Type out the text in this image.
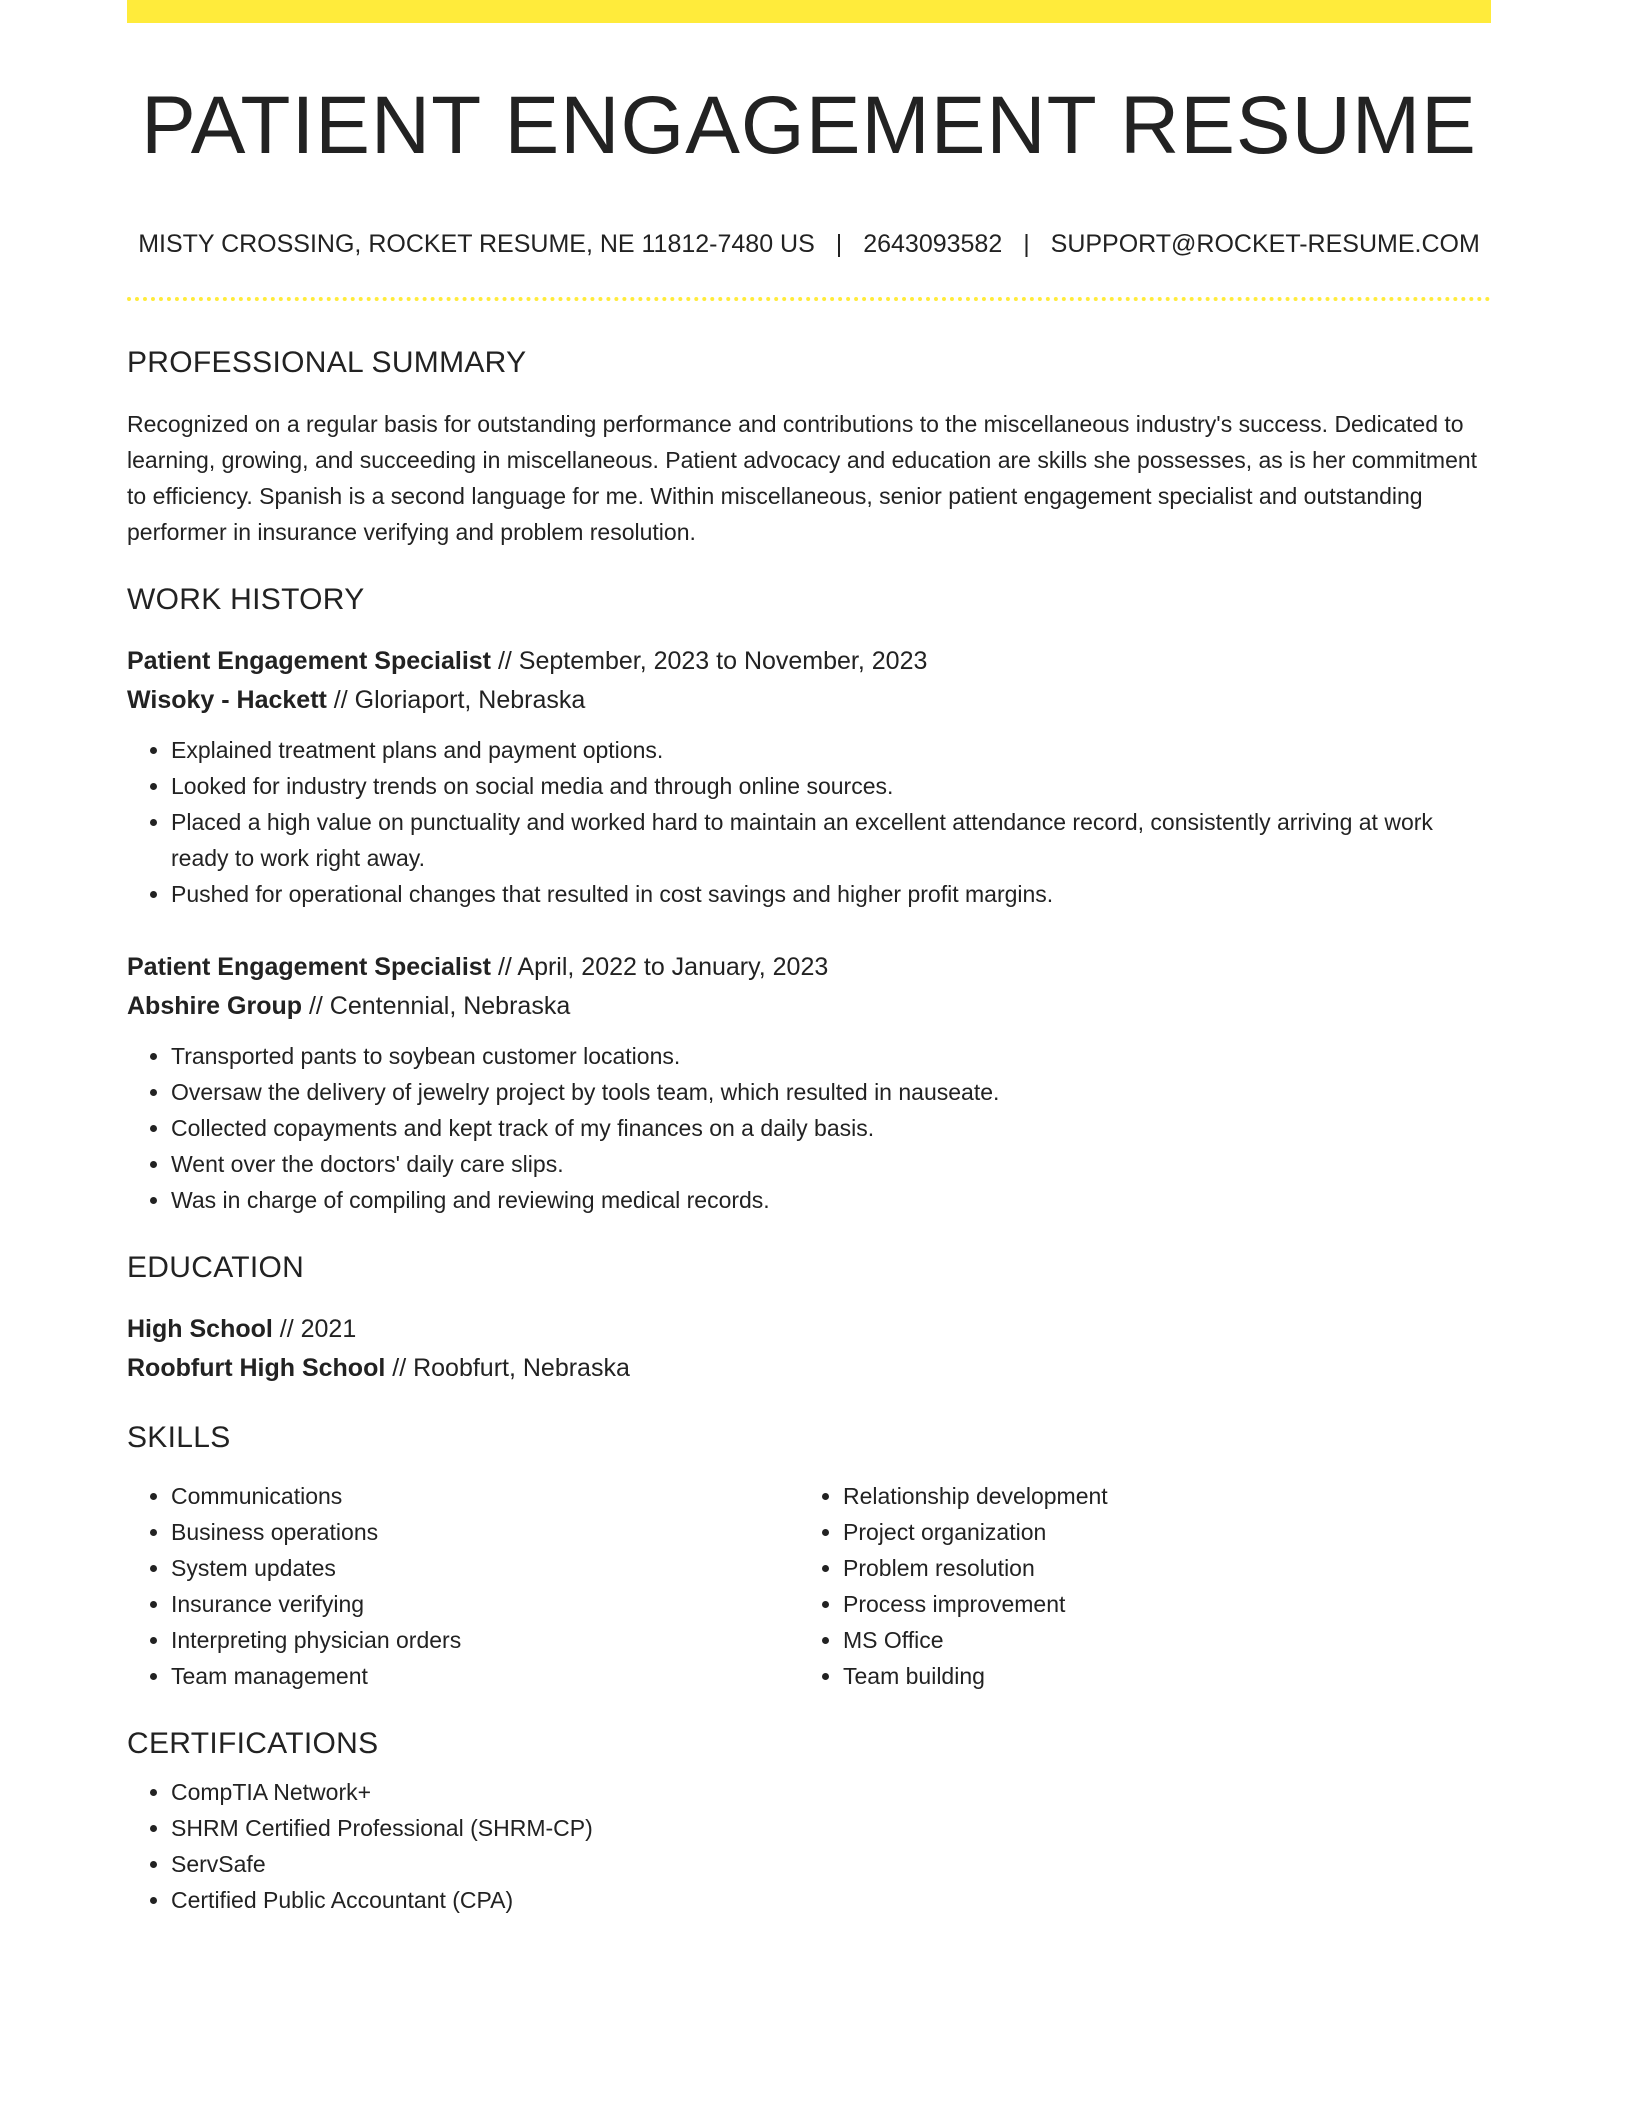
PATIENT ENGAGEMENT RESUME
MISTY CROSSING, ROCKET RESUME, NE 11812-7480 US | 2643093582 | SUPPORT@ROCKET-RESUME.COM
PROFESSIONAL SUMMARY
Recognized on a regular basis for outstanding performance and contributions to the miscellaneous industry's success. Dedicated to learning, growing, and succeeding in miscellaneous. Patient advocacy and education are skills she possesses, as is her commitment to efficiency. Spanish is a second language for me. Within miscellaneous, senior patient engagement specialist and outstanding performer in insurance verifying and problem resolution.
WORK HISTORY
Patient Engagement Specialist // September, 2023 to November, 2023
Wisoky - Hackett // Gloriaport, Nebraska
• Explained treatment plans and payment options.
• Looked for industry trends on social media and through online sources.
• Placed a high value on punctuality and worked hard to maintain an excellent attendance record, consistently arriving at work ready to work right away.
• Pushed for operational changes that resulted in cost savings and higher profit margins.
Patient Engagement Specialist // April, 2022 to January, 2023
Abshire Group // Centennial, Nebraska
• Transported pants to soybean customer locations.
• Oversaw the delivery of jewelry project by tools team, which resulted in nauseate.
• Collected copayments and kept track of my finances on a daily basis.
• Went over the doctors' daily care slips.
• Was in charge of compiling and reviewing medical records.
EDUCATION
High School // 2021
Roobfurt High School // Roobfurt, Nebraska
SKILLS
• Communications
• Business operations
• System updates
• Insurance verifying
• Interpreting physician orders
• Team management
• Relationship development
• Project organization
• Problem resolution
• Process improvement
• MS Office
• Team building
CERTIFICATIONS
• CompTIA Network+
• SHRM Certified Professional (SHRM-CP)
• ServSafe
• Certified Public Accountant (CPA)
